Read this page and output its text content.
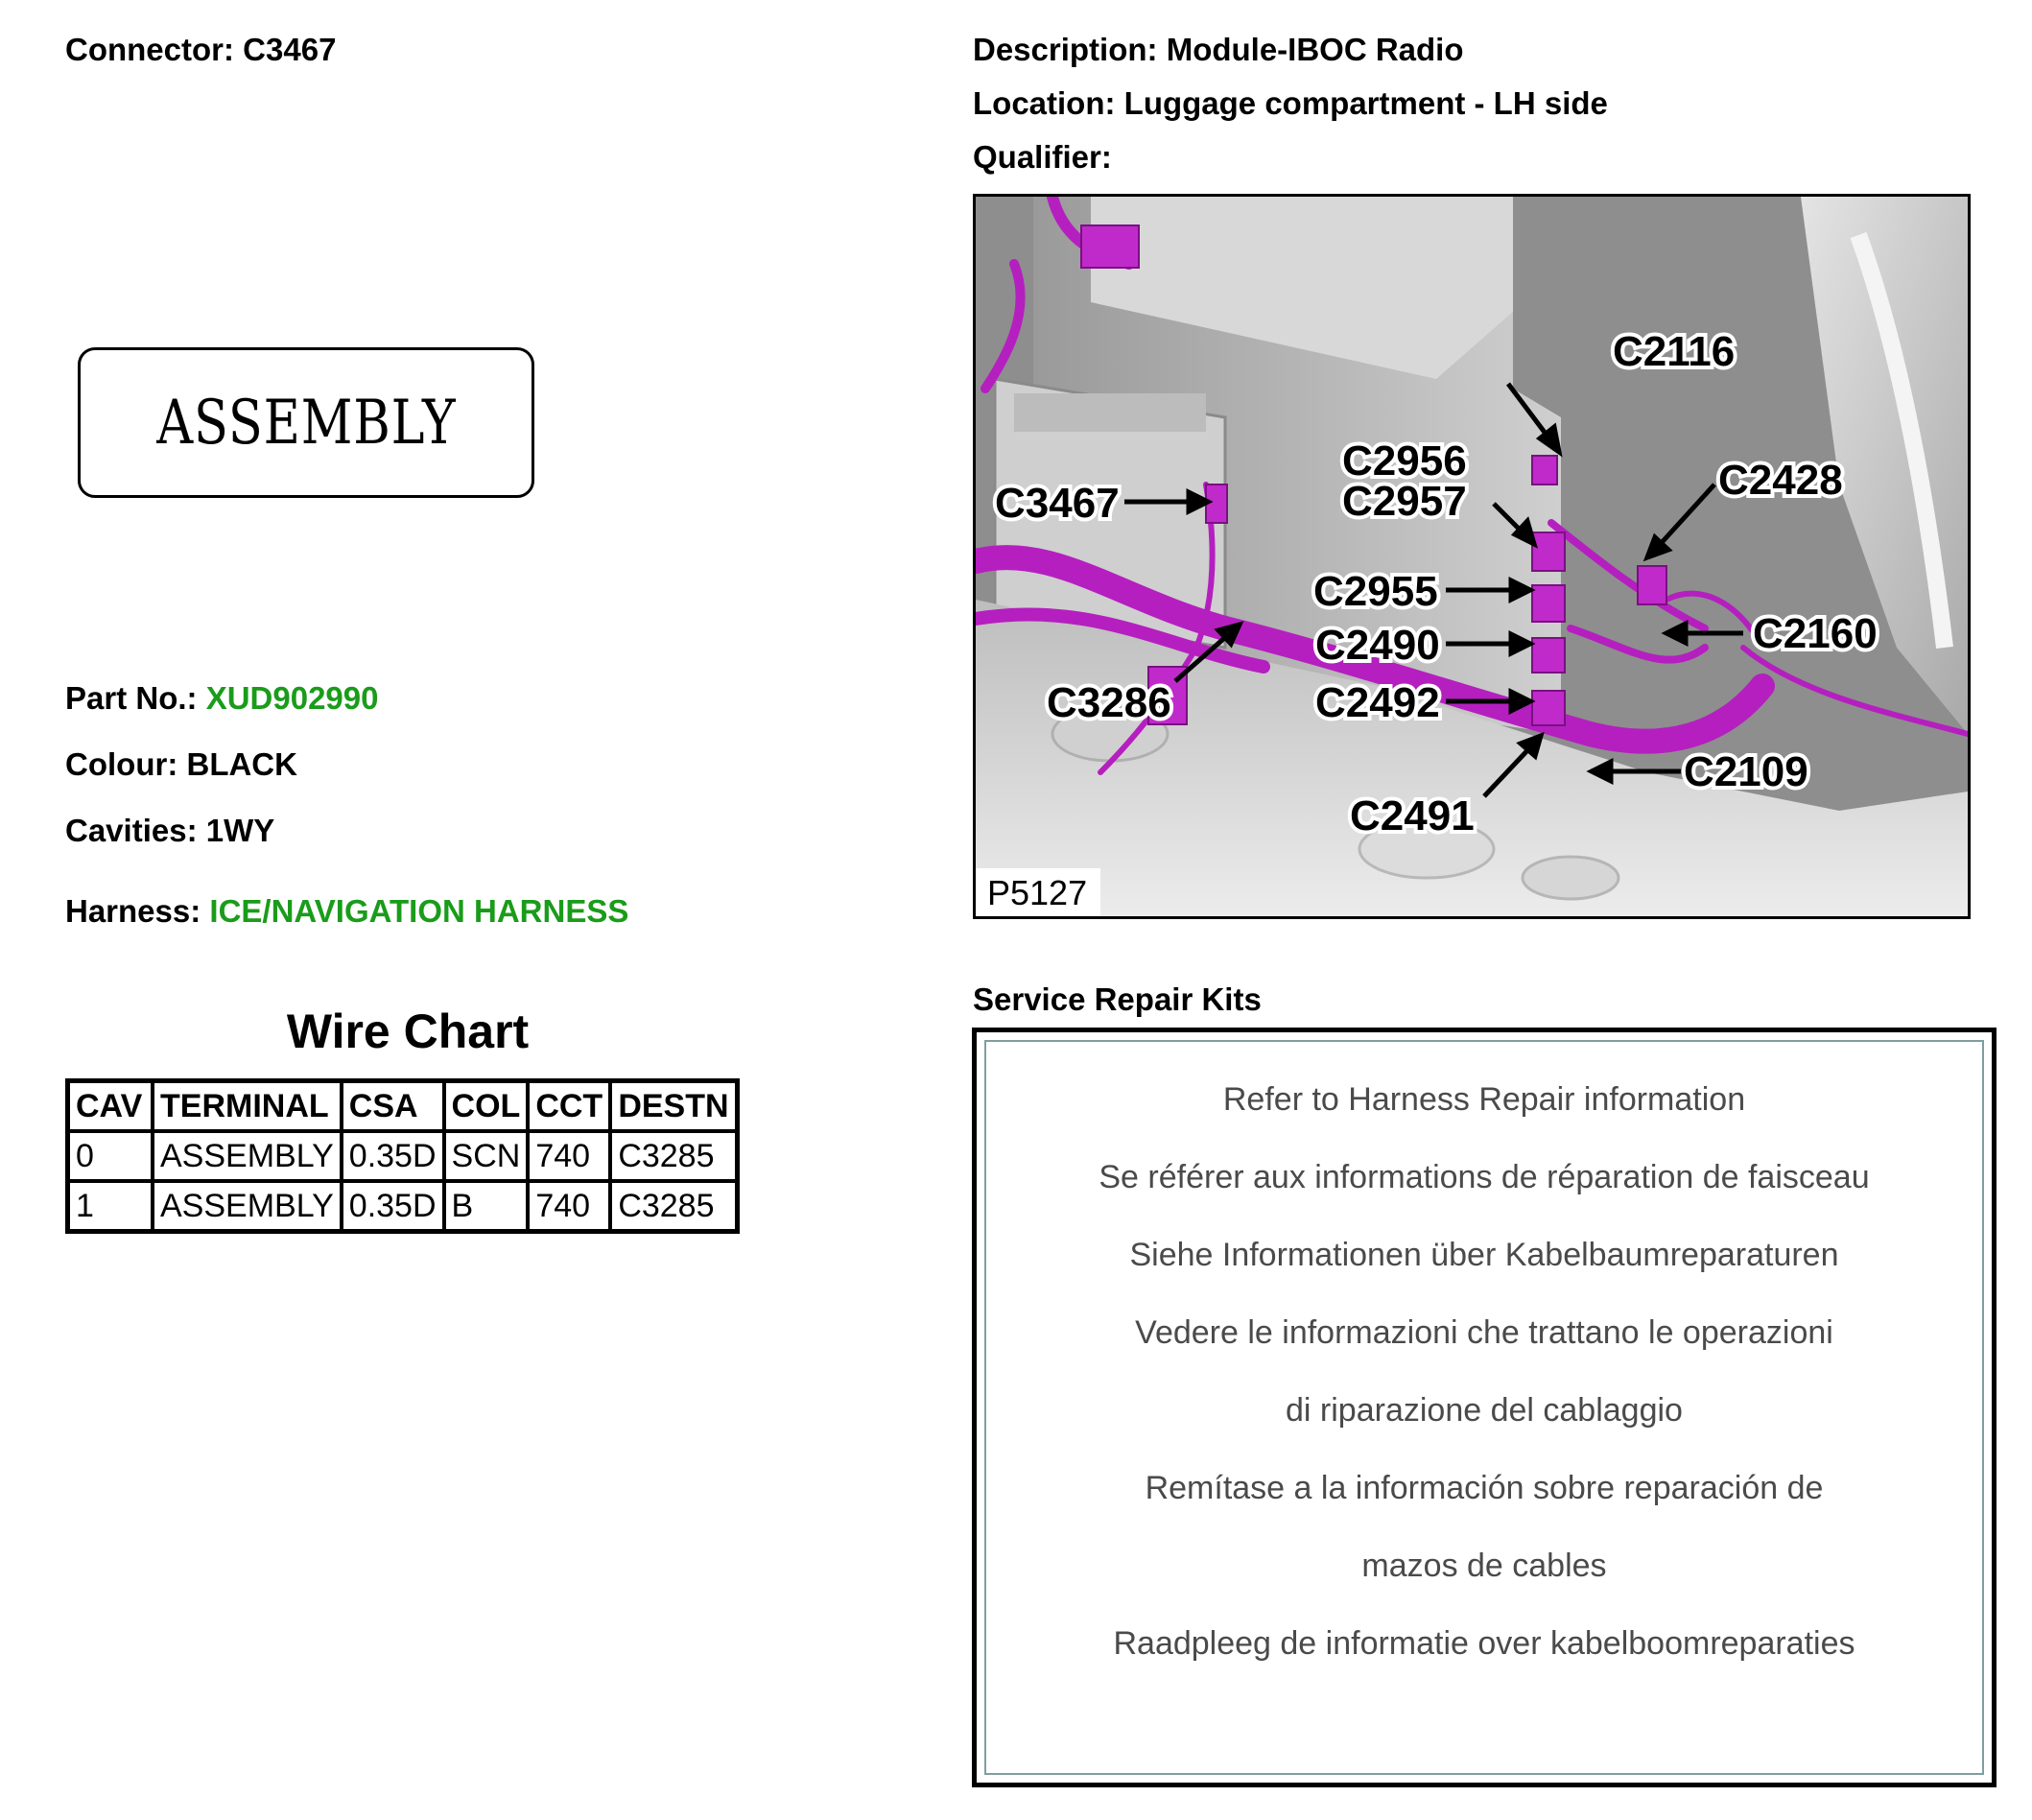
Connector: C3467	Description: Module-IBOC Radio
Location: Luggage compartment - LH side
Qualifier:
ASSEMBLY
Part No.: XUD902990
Colour: BLACK
Cavities: 1WY
Harness: ICE/NAVIGATION HARNESS
Wire Chart
CAV	TERMINAL	CSA	COL	CCT	DESTN
0	ASSEMBLY	0.35D	SCN	740	C3285
1	ASSEMBLY	0.35D	B	740	C3285
C2116
C2956
C2957
C3467	C2428
C2955
C2160
C2490
C3286	C2492
C2109
C2491
P5127
Service Repair Kits
Refer to Harness Repair information
Se référer aux informations de réparation de faisceau
Siehe Informationen über Kabelbaumreparaturen
Vedere le informazioni che trattano le operazioni
di riparazione del cablaggio
Remítase a la información sobre reparación de
mazos de cables
Raadpleeg de informatie over kabelboomreparaties
